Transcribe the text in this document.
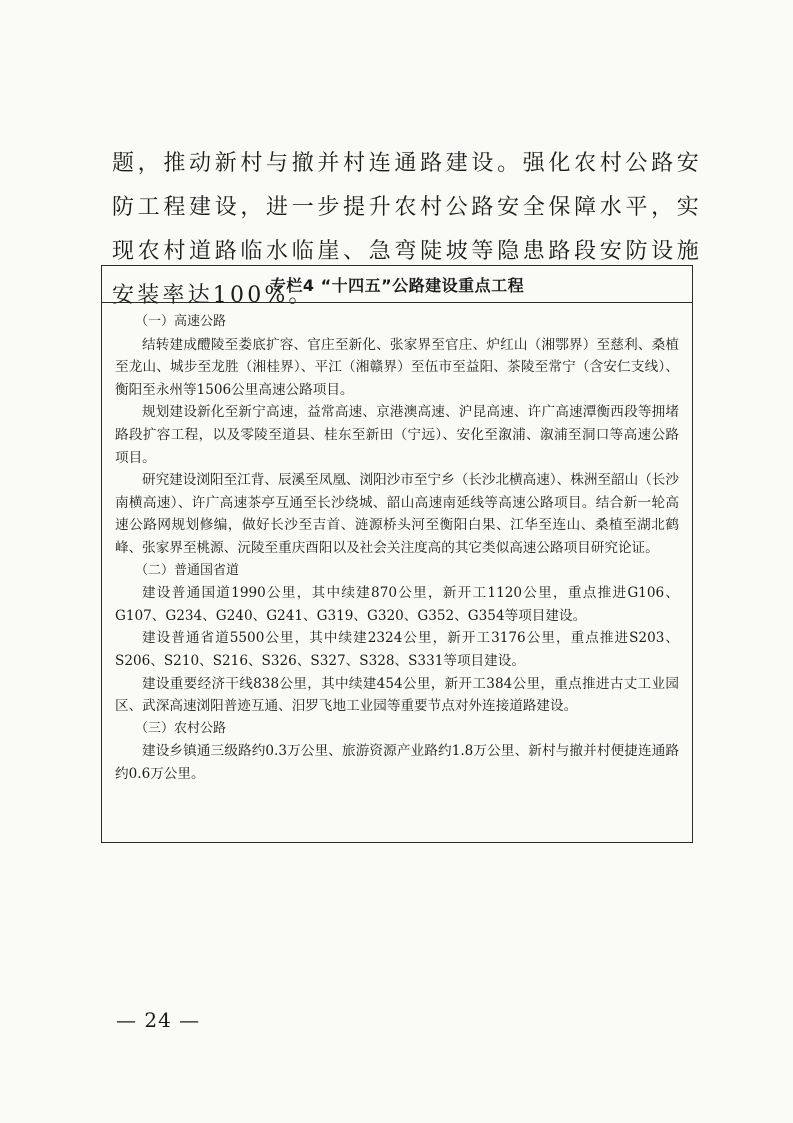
题，推动新村与撤并村连通路建设。强化农村公路安防工程建设，进一步提升农村公路安全保障水平，实现农村道路临水临崖、急弯陡坡等隐患路段安防设施安装率达100%。

专栏4 “十四五”公路建设重点工程

（一）高速公路

结转建成醴陵至娄底扩容、官庄至新化、张家界至官庄、炉红山（湘鄂界）至慈利、桑植至龙山、城步至龙胜（湘桂界）、平江（湘赣界）至伍市至益阳、茶陵至常宁（含安仁支线）、衡阳至永州等1506公里高速公路项目。

规划建设新化至新宁高速，益常高速、京港澳高速、沪昆高速、许广高速潭衡西段等拥堵路段扩容工程，以及零陵至道县、桂东至新田（宁远）、安化至溆浦、溆浦至洞口等高速公路项目。

研究建设浏阳至江背、辰溪至凤凰、浏阳沙市至宁乡（长沙北横高速）、株洲至韶山（长沙南横高速）、许广高速茶亭互通至长沙绕城、韶山高速南延线等高速公路项目。结合新一轮高速公路网规划修编，做好长沙至吉首、涟源桥头河至衡阳白果、江华至连山、桑植至湖北鹤峰、张家界至桃源、沅陵至重庆酉阳以及社会关注度高的其它类似高速公路项目研究论证。

（二）普通国省道

建设普通国道1990公里，其中续建870公里，新开工1120公里，重点推进G106、G107、G234、G240、G241、G319、G320、G352、G354等项目建设。

建设普通省道5500公里，其中续建2324公里，新开工3176公里，重点推进S203、S206、S210、S216、S326、S327、S328、S331等项目建设。

建设重要经济干线838公里，其中续建454公里，新开工384公里，重点推进古丈工业园区、武深高速浏阳普迹互通、汨罗飞地工业园等重要节点对外连接道路建设。

（三）农村公路

建设乡镇通三级路约0.3万公里、旅游资源产业路约1.8万公里、新村与撤并村便捷连通路约0.6万公里。

— 24 —
